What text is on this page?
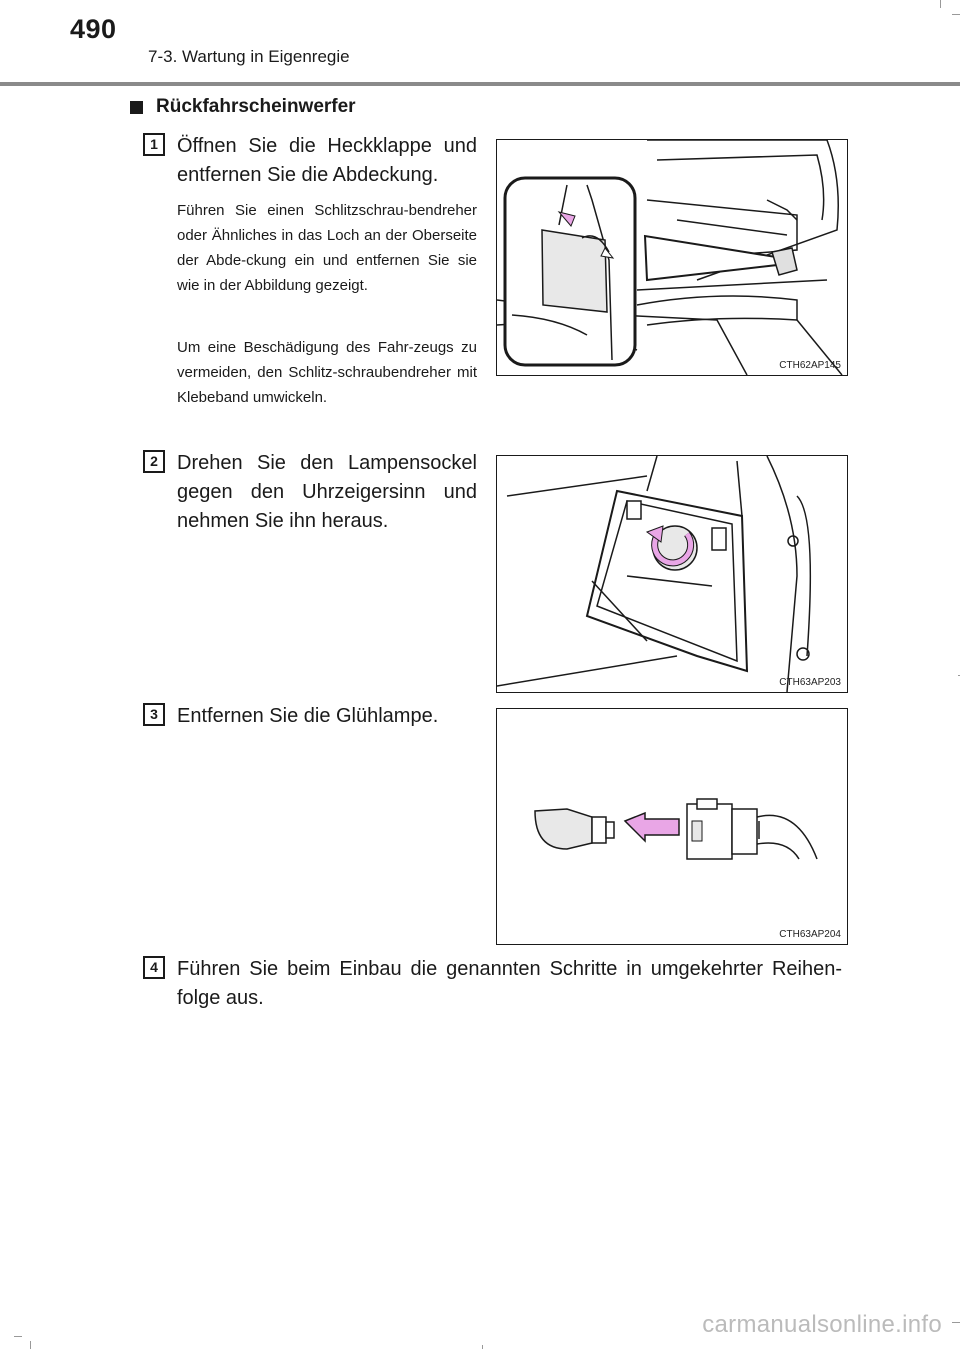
490
7-3. Wartung in Eigenregie
Rückfahrscheinwerfer
1 Öffnen Sie die Heckklappe und entfernen Sie die Abdeckung.
Führen Sie einen Schlitzschrau-bendreher oder Ähnliches in das Loch an der Oberseite der Abde-ckung ein und entfernen Sie sie wie in der Abbildung gezeigt.
Um eine Beschädigung des Fahr-zeugs zu vermeiden, den Schlitz-schraubendreher mit Klebeband umwickeln.
CTH62AP145
2 Drehen Sie den Lampensockel gegen den Uhrzeigersinn und nehmen Sie ihn heraus.
CTH63AP203
3 Entfernen Sie die Glühlampe.
CTH63AP204
4 Führen Sie beim Einbau die genannten Schritte in umgekehrter Reihen-folge aus.
carmanualsonline.info
